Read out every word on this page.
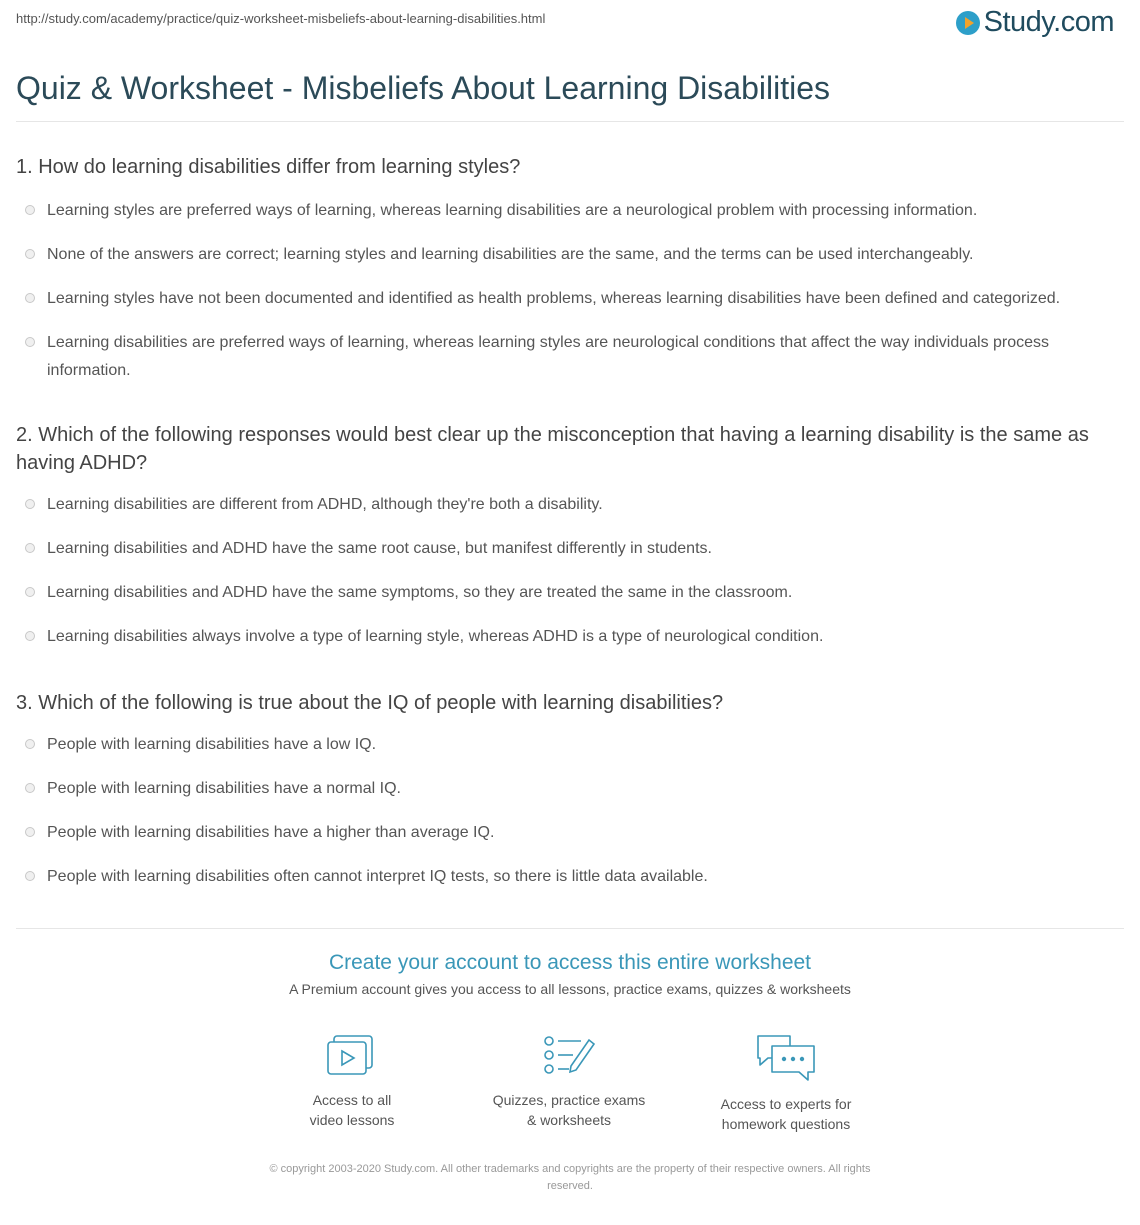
http://study.com/academy/practice/quiz-worksheet-misbeliefs-about-learning-disabilities.html	Study.com
Quiz & Worksheet - Misbeliefs About Learning Disabilities

1. How do learning disabilities differ from learning styles?

Learning styles are preferred ways of learning, whereas learning disabilities are a neurological problem with processing information.
None of the answers are correct; learning styles and learning disabilities are the same, and the terms can be used interchangeably.
Learning styles have not been documented and identified as health problems, whereas learning disabilities have been defined and categorized.
Learning disabilities are preferred ways of learning, whereas learning styles are neurological conditions that affect the way individuals process information.

2. Which of the following responses would best clear up the misconception that having a learning disability is the same as having ADHD?

Learning disabilities are different from ADHD, although they're both a disability.
Learning disabilities and ADHD have the same root cause, but manifest differently in students.
Learning disabilities and ADHD have the same symptoms, so they are treated the same in the classroom.
Learning disabilities always involve a type of learning style, whereas ADHD is a type of neurological condition.

3. Which of the following is true about the IQ of people with learning disabilities?

People with learning disabilities have a low IQ.
People with learning disabilities have a normal IQ.
People with learning disabilities have a higher than average IQ.
People with learning disabilities often cannot interpret IQ tests, so there is little data available.
Create your account to access this entire worksheet
A Premium account gives you access to all lessons, practice exams, quizzes & worksheets
Access to all
video lessons
Quizzes, practice exams
& worksheets
Access to experts for
homework questions
© copyright 2003-2020 Study.com. All other trademarks and copyrights are the property of their respective owners. All rights
reserved.
